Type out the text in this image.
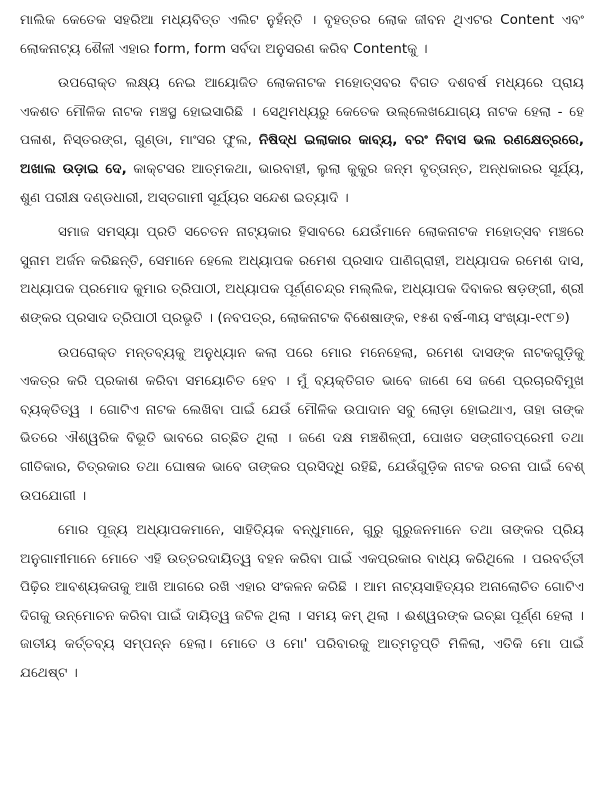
ମାଲିକ କେତେକ ସହରିଆ ମଧ୍ୟବିତ୍ତ ଏଲିଟ ନୁହଁନ୍ତି । ବୃହତ୍ତର ଲୋକ ଜୀବନ ଥିଏଟର Content ଏବଂ ଲୋକନାଟ୍ୟ ଶୈଳୀ ଏହାର form, form ସର୍ବଦା ଅନୁସରଣ କରିବ Contentକୁ ।

ଉପରୋକ୍ତ ଲକ୍ଷ୍ୟ ନେଇ ଆୟୋଜିତ ଲୋକନାଟକ ମହୋତ୍ସବର ବିଗତ ଦଶବର୍ଷ ମଧ୍ୟରେ ପ୍ରାୟ ଏକଶତ ମୌଳିକ ନାଟକ ମଞ୍ଚସ୍ଥ ହୋଇସାରିଛି । ସେଥିମଧ୍ୟରୁ କେତେକ ଉଲ୍ଲେଖଯୋଗ୍ୟ ନାଟକ ହେଲା - ହେ ପଳାଶ, ନିସ୍ତରଙ୍ଗ, ଗୁଣ୍ଡା, ମାଂସର ଫୁଲ, ନିଷିଦ୍ଧ ଇଲାକାର କାବ୍ୟ, ବରଂ ନିବାସ ଭଲ ରଣକ୍ଷେତ୍ରରେ, ଅଖାଲ ଉଡ଼ାଇ ଦେ, କାକ୍ଟସର ଆତ୍ମକଥା, ଭାରବାହୀ, ଲୁଲା କୁକୁର ଜନ୍ମ ବୃତ୍ତାନ୍ତ, ଅନ୍ଧକାରର ସୂର୍ଯ୍ୟ, ଶୁଣ ପରୀକ୍ଷ ଦଣ୍ଡଧାରୀ, ଅସ୍ତଗାମୀ ସୂର୍ଯ୍ୟର ସନ୍ଦେଶ ଇତ୍ୟାଦି ।

ସମାଜ ସମସ୍ୟା ପ୍ରତି ସଚେତନ ନାଟ୍ୟକାର ହିସାବରେ ଯେଉଁମାନେ ଲୋକନାଟକ ମହୋତ୍ସବ ମଞ୍ଚରେ ସୁନାମ ଅର୍ଜନ କରିଛନ୍ତି, ସେମାନେ ହେଲେ ଅଧ୍ୟାପକ ରମେଶ ପ୍ରସାଦ ପାଣିଗ୍ରାହୀ, ଅଧ୍ୟାପକ ରମେଶ ଦାସ, ଅଧ୍ୟାପକ ପ୍ରମୋଦ କୁମାର ତ୍ରିପାଠୀ, ଅଧ୍ୟାପକ ପୂର୍ଣ୍ଣଚନ୍ଦ୍ର ମଲ୍ଲିକ, ଅଧ୍ୟାପକ ଦିବାକର ଷଡ଼ଙ୍ଗୀ, ଶ୍ରୀ ଶଙ୍କର ପ୍ରସାଦ ତ୍ରିପାଠୀ ପ୍ରଭୃତି । (ନବପତ୍ର, ଲୋକନାଟକ ବିଶେଷାଙ୍କ, ୧୫ଶ ବର୍ଷ-୩ୟ ସଂଖ୍ୟା-୧୯୮୭)

ଉପରୋକ୍ତ ମନ୍ତବ୍ୟକୁ ଅନୁଧ୍ୟାନ କଲା ପରେ ମୋର ମନେହେଲା, ରମେଶ ଦାସଙ୍କ ନାଟକଗୁଡ଼ିକୁ ଏକତ୍ର କରି ପ୍ରକାଶ କରିବା ସମୟୋଚିତ ହେବ । ମୁଁ ବ୍ୟକ୍ତିଗତ ଭାବେ ଜାଣେ ସେ ଜଣେ ପ୍ରଚାରବିମୁଖ ବ୍ୟକ୍ତିତ୍ୱ । ଗୋଟିଏ ନାଟକ ଲେଖିବା ପାଇଁ ଯେଉଁ ମୌଳିକ ଉପାଦାନ ସବୁ ଲୋଡ଼ା ହୋଇଥାଏ, ତାହା ତାଙ୍କ ଭିତରେ ଐଶ୍ୱରିକ ବିଭୂତି ଭାବରେ ଗଚ୍ଛିତ ଥିଲା । ଜଣେ ଦକ୍ଷ ମଞ୍ଚଶିଳ୍ପୀ, ପୋଖତ ସଙ୍ଗୀତପ୍ରେମୀ ତଥା ଗୀତିକାର, ଚିତ୍ରକାର ତଥା ଘୋଷକ ଭାବେ ତାଙ୍କର ପ୍ରସିଦ୍ଧି ରହିଛି, ଯେଉଁଗୁଡ଼ିକ ନାଟକ ରଚନା ପାଇଁ ବେଶ୍ ଉପଯୋଗୀ ।

ମୋର ପୂଜ୍ୟ ଅଧ୍ୟାପକମାନେ, ସାହିତ୍ୟିକ ବନ୍ଧୁମାନେ, ଗୁରୁ ଗୁରୁଜନମାନେ ତଥା ତାଙ୍କର ପ୍ରିୟ ଅନୁଗାମୀମାନେ ମୋତେ ଏହି ଉତ୍ତରଦାୟିତ୍ୱ ବହନ କରିବା ପାଇଁ ଏକପ୍ରକାର ବାଧ୍ୟ କରିଥିଲେ । ପରବର୍ତ୍ତୀ ପିଢ଼ିର ଆବଶ୍ୟକତାକୁ ଆଖି ଆଗରେ ରଖି ଏହାର ସଂକଳନ କରିଛି । ଆମ ନାଟ୍ୟସାହିତ୍ୟର ଅନାଲୋଚିତ ଗୋଟିଏ ଦିଗକୁ ଉନ୍ମୋଚନ କରିବା ପାଇଁ ଦାୟିତ୍ୱ ଜଟିଳ ଥିଲା । ସମୟ କମ୍ ଥିଲା । ଈଶ୍ୱରଙ୍କ ଇଚ୍ଛା ପୂର୍ଣ୍ଣ ହେଲା । ଜାତୀୟ କର୍ତ୍ତବ୍ୟ ସମ୍ପନ୍ନ ହେଲା। ମୋତେ ଓ ମୋ' ପରିବାରକୁ ଆତ୍ମତୃପ୍ତି ମିଳିଲା, ଏତିକି ମୋ ପାଇଁ ଯଥେଷ୍ଟ ।
